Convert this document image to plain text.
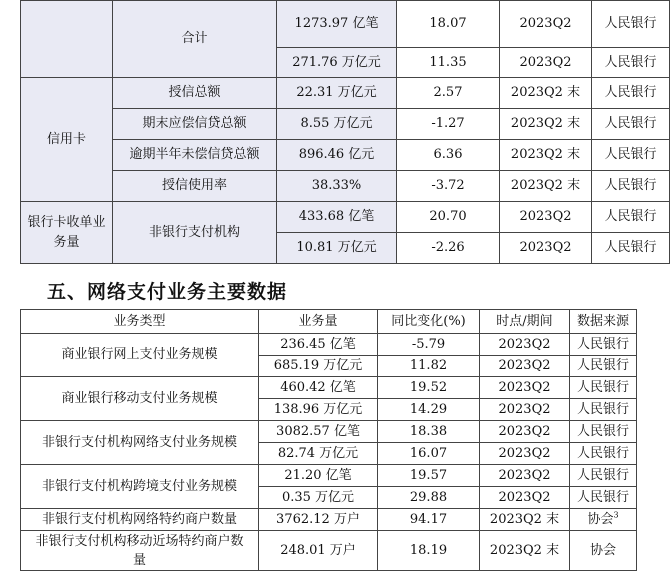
	合计	1273.97 亿笔	18.07	2023Q2	人民银行
		271.76 万亿元	11.35	2023Q2	人民银行
信用卡	授信总额	22.31 万亿元	2.57	2023Q2 末	人民银行
	期末应偿信贷总额	8.55 万亿元	-1.27	2023Q2 末	人民银行
	逾期半年未偿信贷总额	896.46 亿元	6.36	2023Q2 末	人民银行
	授信使用率	38.33%	-3.72	2023Q2 末	人民银行
银行卡收单业务量	非银行支付机构	433.68 亿笔	20.70	2023Q2	人民银行
		10.81 万亿元	-2.26	2023Q2	人民银行
五、网络支付业务主要数据
业务类型	业务量	同比变化(%)	时点/期间	数据来源
商业银行网上支付业务规模	236.45 亿笔	-5.79	2023Q2	人民银行
	685.19 万亿元	11.82	2023Q2	人民银行
商业银行移动支付业务规模	460.42 亿笔	19.52	2023Q2	人民银行
	138.96 万亿元	14.29	2023Q2	人民银行
非银行支付机构网络支付业务规模	3082.57 亿笔	18.38	2023Q2	人民银行
	82.74 万亿元	16.07	2023Q2	人民银行
非银行支付机构跨境支付业务规模	21.20 亿笔	19.57	2023Q2	人民银行
	0.35 万亿元	29.88	2023Q2	人民银行
非银行支付机构网络特约商户数量	3762.12 万户	94.17	2023Q2 末	协会$^3$
非银行支付机构移动近场特约商户数量	248.01 万户	18.19	2023Q2 末	协会
